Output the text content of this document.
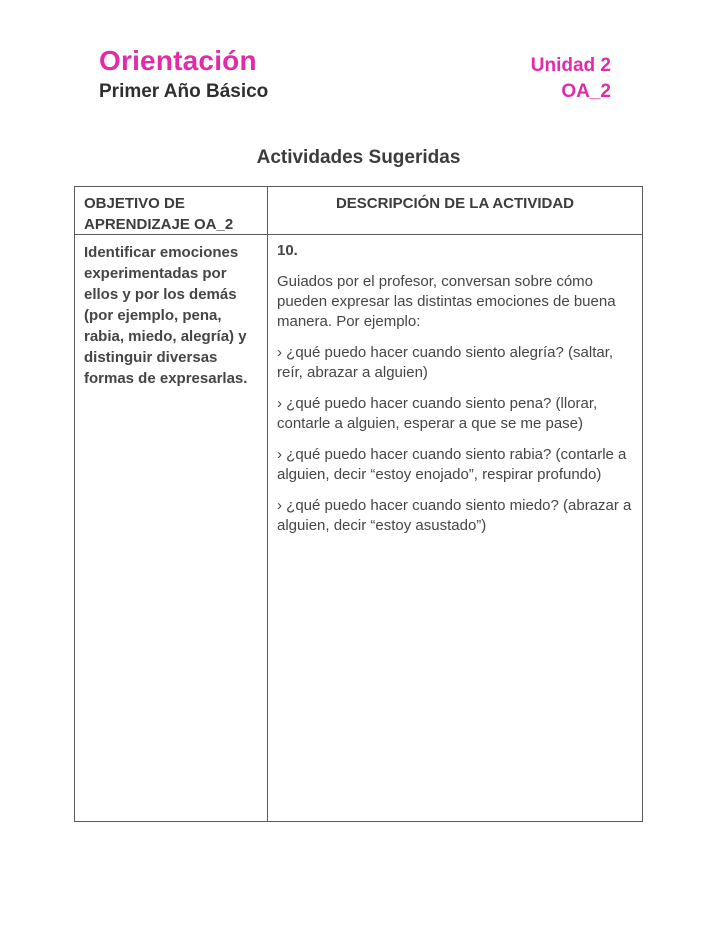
Orientación
Primer Año Básico
Unidad 2
OA_2
Actividades Sugeridas
OBJETIVO DE APRENDIZAJE OA_2
DESCRIPCIÓN DE LA ACTIVIDAD
Identificar emociones experimentadas por ellos y por los demás (por ejemplo, pena, rabia, miedo, alegría) y distinguir diversas formas de expresarlas.

10.

Guiados por el profesor, conversan sobre cómo pueden expresar las distintas emociones de buena manera. Por ejemplo:

› ¿qué puedo hacer cuando siento alegría? (saltar, reír, abrazar a alguien)

› ¿qué puedo hacer cuando siento pena? (llorar, contarle a alguien, esperar a que se me pase)

› ¿qué puedo hacer cuando siento rabia? (contarle a alguien, decir “estoy enojado”, respirar profundo)

› ¿qué puedo hacer cuando siento miedo? (abrazar a alguien, decir “estoy asustado”)
